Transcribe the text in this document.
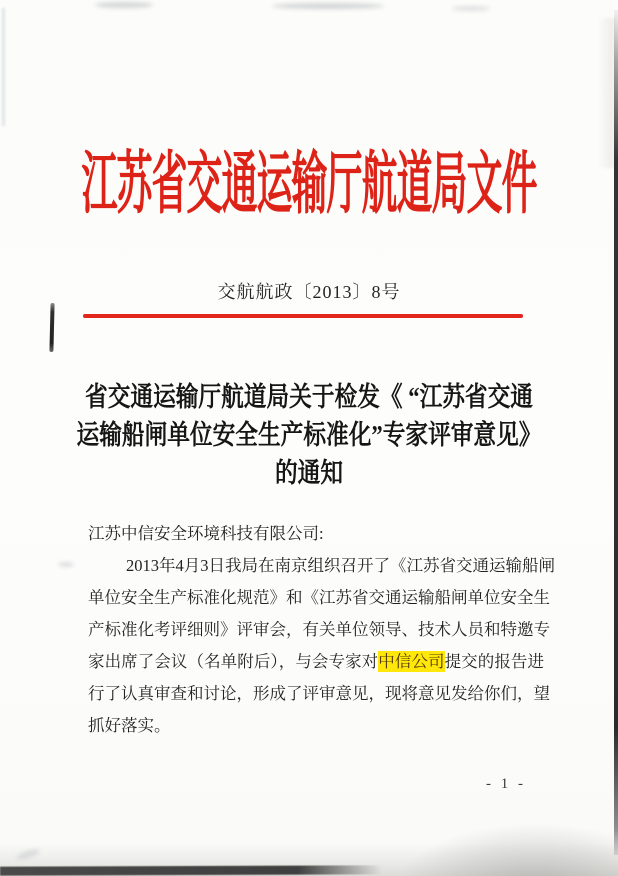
江苏省交通运输厅航道局文件
交航航政〔2013〕8号
省交通运输厅航道局关于检发《 “江苏省交通
运输船闸单位安全生产标准化”专家评审意见》
的通知
江苏中信安全环境科技有限公司:
2013年4月3日我局在南京组织召开了《江苏省交通运输船闸
单位安全生产标准化规范》和《江苏省交通运输船闸单位安全生
产标准化考评细则》评审会，有关单位领导、技术人员和特邀专
家出席了会议（名单附后），与会专家对中信公司提交的报告进
行了认真审查和讨论，形成了评审意见，现将意见发给你们，望
抓好落实。
- 1 -
